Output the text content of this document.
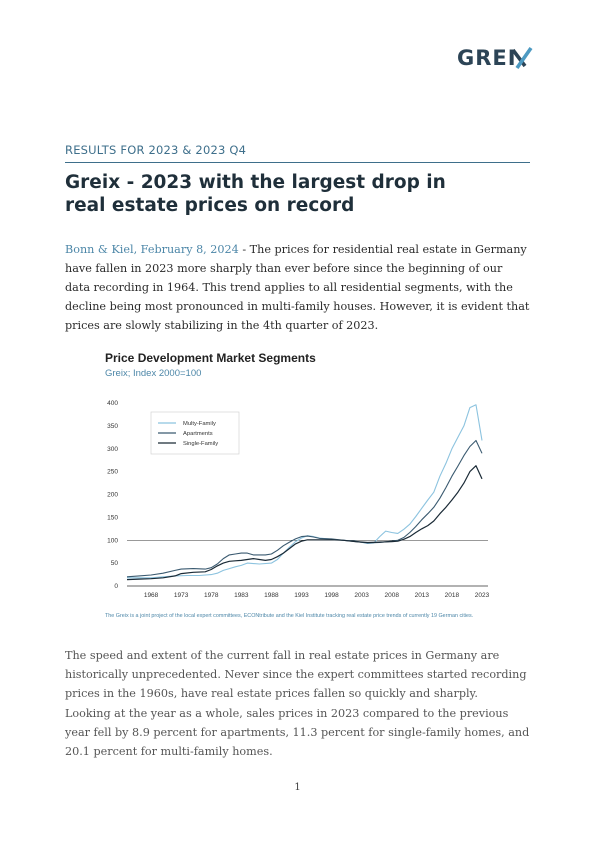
GREI
RESULTS FOR 2023 & 2023 Q4
Greix - 2023 with the largest drop in
real estate prices on record
Bonn & Kiel, February 8, 2024 - The prices for residential real estate in Germany have fallen in 2023 more sharply than ever before since the beginning of our data recording in 1964. This trend applies to all residential segments, with the decline being most pronounced in multi-family houses. However, it is evident that prices are slowly stabilizing in the 4th quarter of 2023.
0
50
100
150
200
250
300
350
400
1968 1973 1978 1983 1988 1993 1998 2003 2008 2013 2018 2023
Multy-Family
Apartments
Single-Family
Price Development Market Segments
Greix; Index 2000=100
The Greix is a joint project of the local expert committees, ECONtribute and the Kiel Institute tracking real estate price trends of currently 19 German cities.
The speed and extent of the current fall in real estate prices in Germany are historically unprecedented. Never since the expert committees started recording prices in the 1960s, have real estate prices fallen so quickly and sharply.
Looking at the year as a whole, sales prices in 2023 compared to the previous year fell by 8.9 percent for apartments, 11.3 percent for single-family homes, and 20.1 percent for multi-family homes.
1
